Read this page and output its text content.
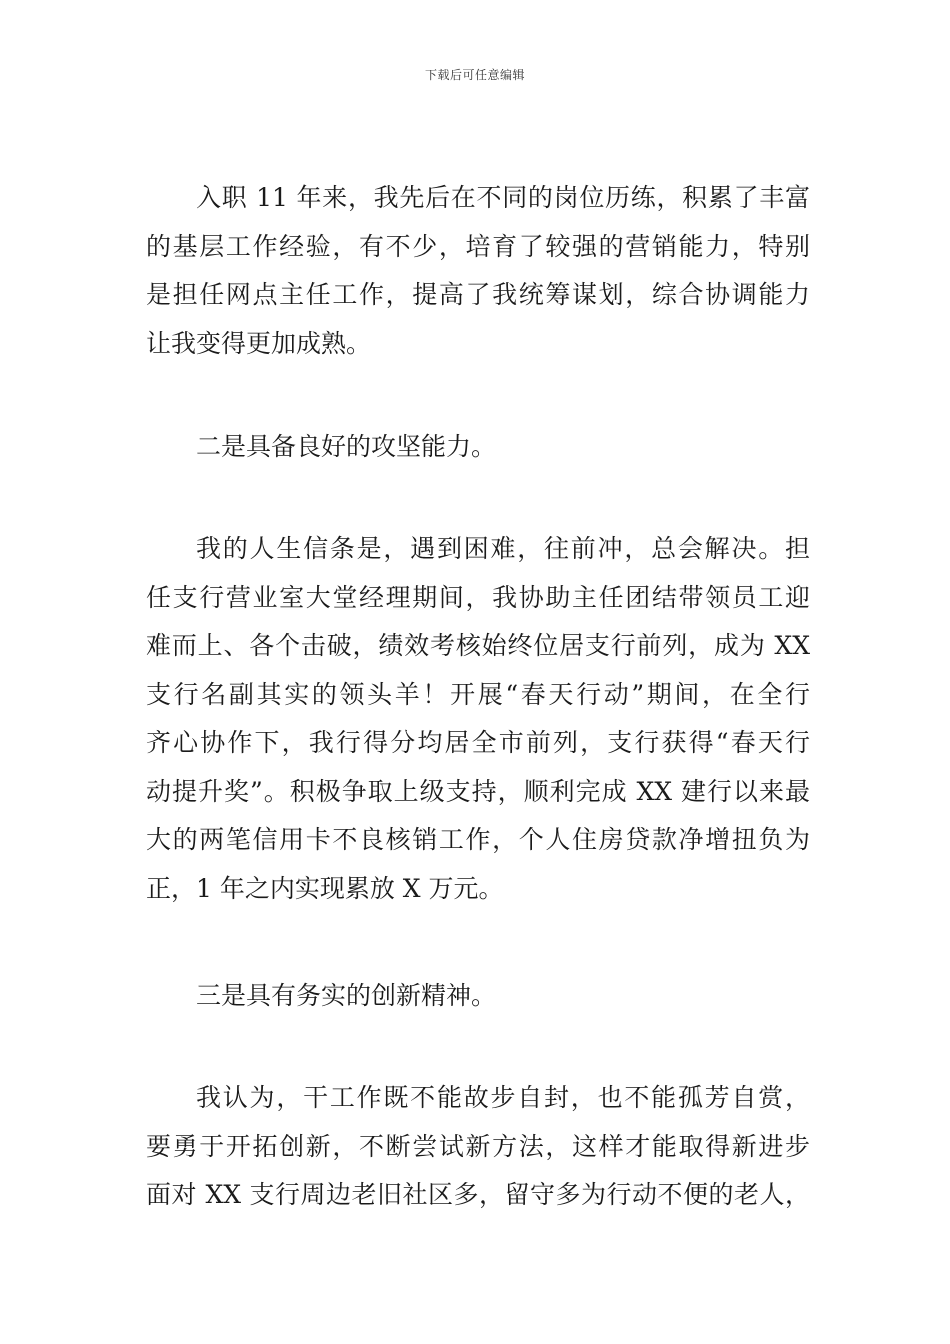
下载后可任意编辑
入职 11 年来，我先后在不同的岗位历练，积累了丰富
的基层工作经验，有不少，培育了较强的营销能力，特别
是担任网点主任工作，提高了我统筹谋划，综合协调能力
让我变得更加成熟。
二是具备良好的攻坚能力。
我的人生信条是，遇到困难，往前冲，总会解决。担
任支行营业室大堂经理期间，我协助主任团结带领员工迎
难而上、各个击破，绩效考核始终位居支行前列，成为 XX
支行名副其实的领头羊！开展“春天行动”期间，在全行
齐心协作下，我行得分均居全市前列，支行获得“春天行
动提升奖”。积极争取上级支持，顺利完成 XX 建行以来最
大的两笔信用卡不良核销工作，个人住房贷款净增扭负为
正，1 年之内实现累放 X 万元。
三是具有务实的创新精神。
我认为，干工作既不能故步自封，也不能孤芳自赏，
要勇于开拓创新，不断尝试新方法，这样才能取得新进步
面对 XX 支行周边老旧社区多，留守多为行动不便的老人，
